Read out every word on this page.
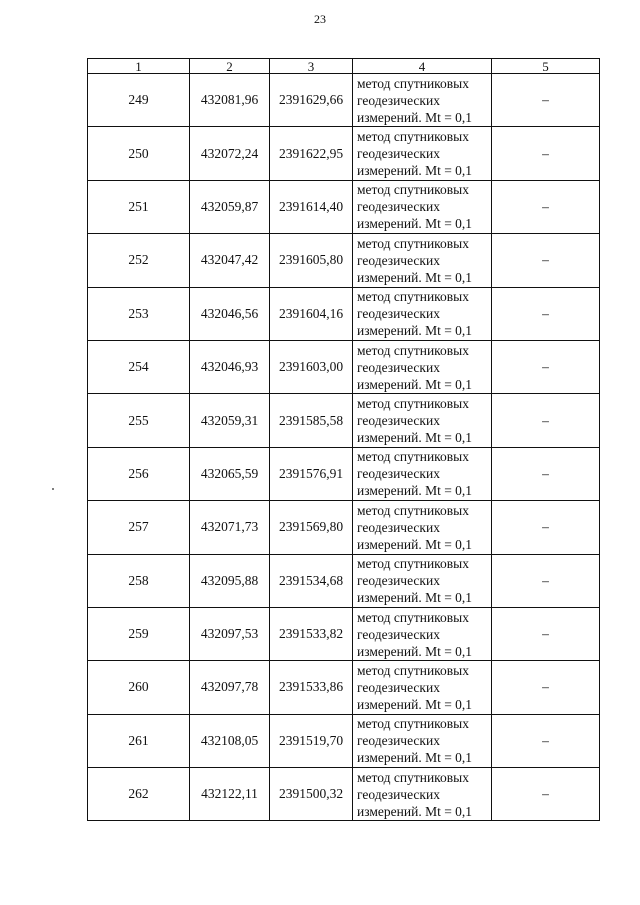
23
1	2	3	4	5
249	432081,96	2391629,66	метод спутниковых
геодезических
измерений. Mt = 0,1	–
250	432072,24	2391622,95	метод спутниковых
геодезических
измерений. Mt = 0,1	–
251	432059,87	2391614,40	метод спутниковых
геодезических
измерений. Mt = 0,1	–
252	432047,42	2391605,80	метод спутниковых
геодезических
измерений. Mt = 0,1	–
253	432046,56	2391604,16	метод спутниковых
геодезических
измерений. Mt = 0,1	–
254	432046,93	2391603,00	метод спутниковых
геодезических
измерений. Mt = 0,1	–
255	432059,31	2391585,58	метод спутниковых
геодезических
измерений. Mt = 0,1	–
256	432065,59	2391576,91	метод спутниковых
геодезических
измерений. Mt = 0,1	–
257	432071,73	2391569,80	метод спутниковых
геодезических
измерений. Mt = 0,1	–
258	432095,88	2391534,68	метод спутниковых
геодезических
измерений. Mt = 0,1	–
259	432097,53	2391533,82	метод спутниковых
геодезических
измерений. Mt = 0,1	–
260	432097,78	2391533,86	метод спутниковых
геодезических
измерений. Mt = 0,1	–
261	432108,05	2391519,70	метод спутниковых
геодезических
измерений. Mt = 0,1	–
262	432122,11	2391500,32	метод спутниковых
геодезических
измерений. Mt = 0,1	–
